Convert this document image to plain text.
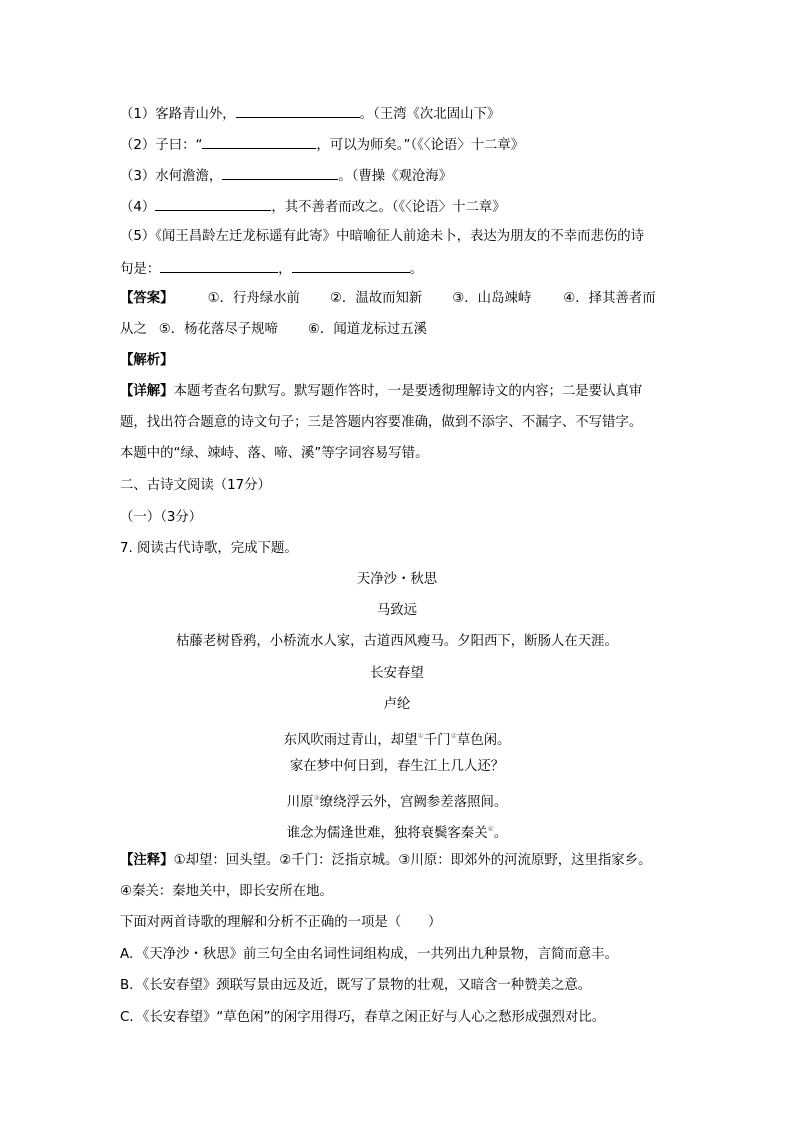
（1）客路青山外，	。（王湾《次北固山下》
（2）子曰：“	，可以为师矣。”（《〈论语〉十二章》
（3）水何澹澹，	。（曹操《观沧海》
（4）	，其不善者而改之。（《〈论语〉十二章》
（5）《闻王昌龄左迁龙标遥有此寄》中暗喻征人前途未卜，表达为朋友的不幸而悲伤的诗
句是：	，	。
【答案】	①．行舟绿水前 ②．温故而知新 ③．山岛竦峙 ④．择其善者而
从之 ⑤．杨花落尽子规啼 ⑥．闻道龙标过五溪
【解析】
【详解】本题考查名句默写。默写题作答时，一是要透彻理解诗文的内容；二是要认真审
题，找出符合题意的诗文句子；三是答题内容要准确，做到不添字、不漏字、不写错字。
本题中的“绿、竦峙、落、啼、溪”等字词容易写错。
二、古诗文阅读（17分）
（一）（3分）
7. 阅读古代诗歌，完成下题。
天净沙・秋思
马致远
枯藤老树昏鸦，小桥流水人家，古道西风瘦马。夕阳西下，断肠人在天涯。
长安春望
卢纶
东风吹雨过青山，却望①千门②草色闲。
家在梦中何日到，春生江上几人还？
川原③缭绕浮云外，宫阙参差落照间。
谁念为儒逢世难，独将衰鬓客秦关④。
【注释】①却望：回头望。②千门：泛指京城。③川原：即郊外的河流原野，这里指家乡。
④秦关：秦地关中，即长安所在地。
下面对两首诗歌的理解和分析不正确的一项是（　　）
A．《天净沙・秋思》前三句全由名词性词组构成，一共列出九种景物，言简而意丰。
B．《长安春望》颈联写景由远及近，既写了景物的壮观，又暗含一种赞美之意。
C．《长安春望》“草色闲”的闲字用得巧，春草之闲正好与人心之愁形成强烈对比。
